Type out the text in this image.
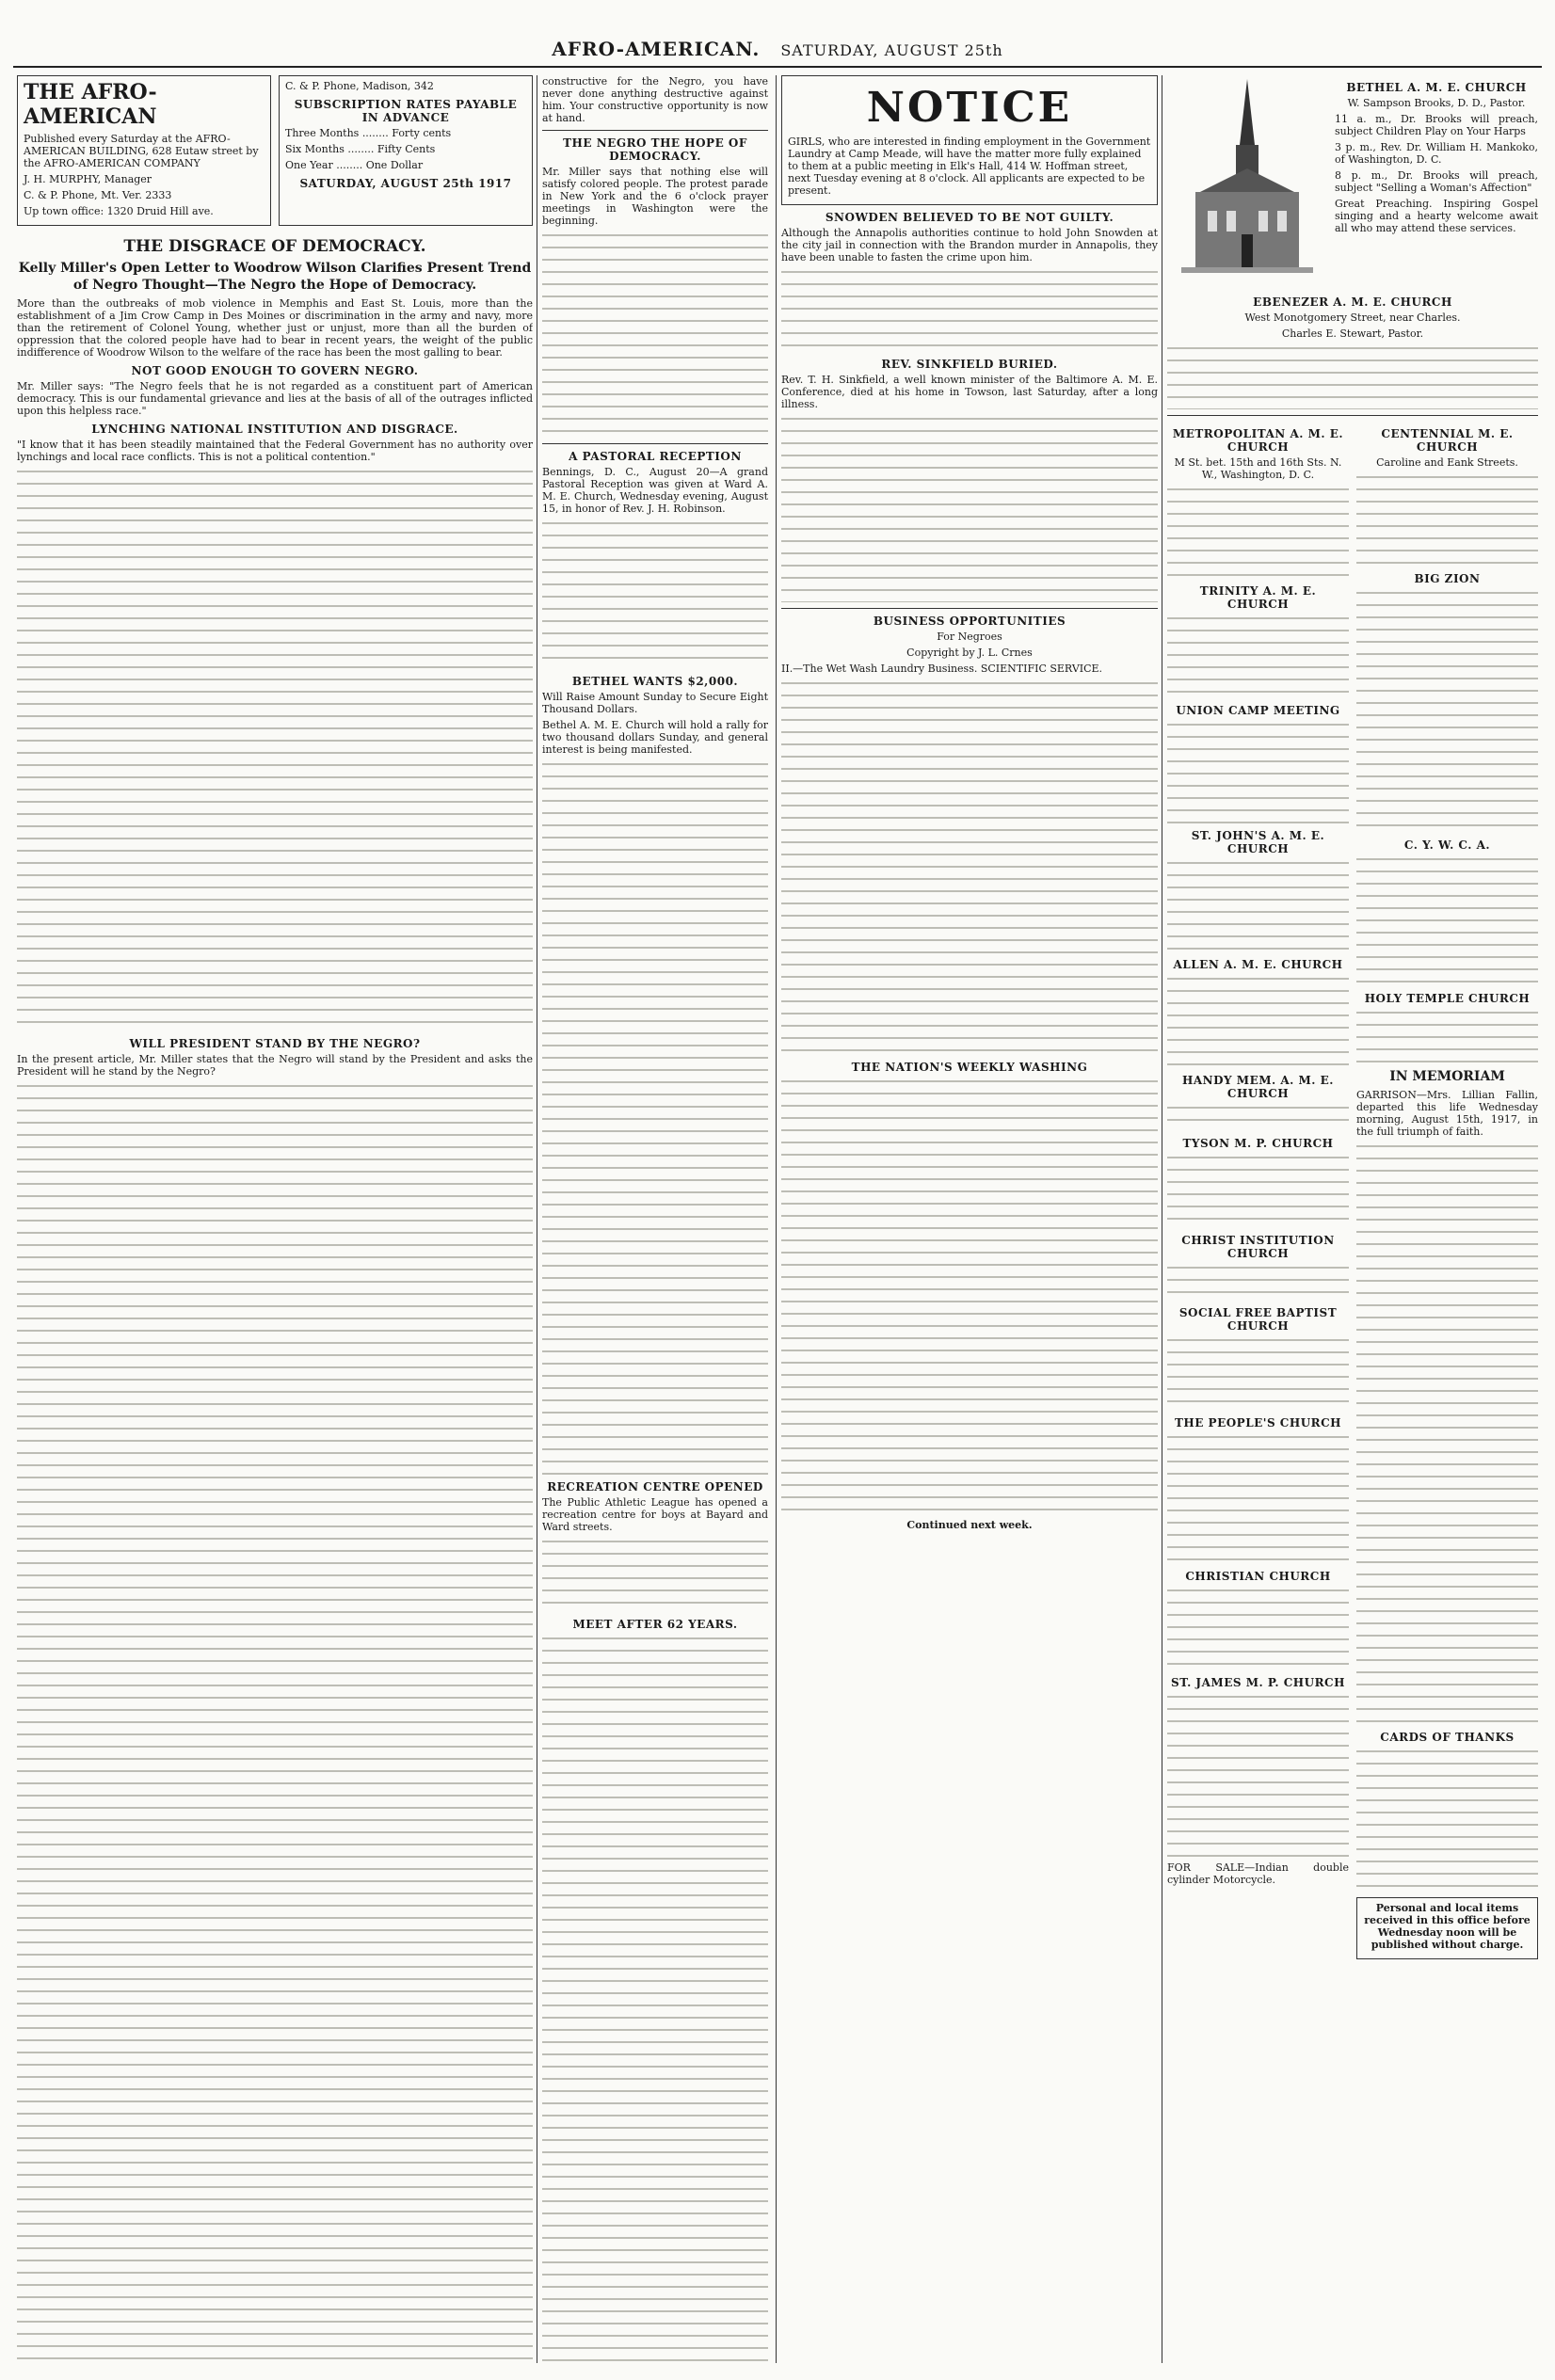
AFRO-AMERICAN. SATURDAY, AUGUST 25th
THE AFRO-AMERICAN

Published every Saturday at the AFRO-AMERICAN BUILDING, 628 Eutaw street by the AFRO-AMERICAN COMPANY

J. H. MURPHY, Manager

C. & P. Phone, Mt. Ver. 2333

Up town office: 1320 Druid Hill ave.

C. & P. Phone, Madison, 342

SUBSCRIPTION RATES PAYABLE IN ADVANCE

Three Months ........ Forty cents

Six Months ........ Fifty Cents

One Year ........ One Dollar

SATURDAY, AUGUST 25th 1917
THE DISGRACE OF DEMOCRACY.
Kelly Miller's Open Letter to Woodrow Wilson Clarifies Present Trend of Negro Thought—The Negro the Hope of Democracy.

More than the outbreaks of mob violence in Memphis and East St. Louis, more than the establishment of a Jim Crow Camp in Des Moines or discrimination in the army and navy, more than the retirement of Colonel Young, whether just or unjust, more than all the burden of oppression that the colored people have had to bear in recent years, the weight of the public indifference of Woodrow Wilson to the welfare of the race has been the most galling to bear.

NOT GOOD ENOUGH TO GOVERN NEGRO.

Mr. Miller says: "The Negro feels that he is not regarded as a constituent part of American democracy. This is our fundamental grievance and lies at the basis of all of the outrages inflicted upon this helpless race."

LYNCHING NATIONAL INSTITUTION AND DISGRACE.

"I know that it has been steadily maintained that the Federal Government has no authority over lynchings and local race conflicts. This is not a political contention."

WILL PRESIDENT STAND BY THE NEGRO?

In the present article, Mr. Miller states that the Negro will stand by the President and asks the President will he stand by the Negro?

constructive for the Negro, you have never done anything destructive against him. Your constructive opportunity is now at hand.

THE NEGRO THE HOPE OF DEMOCRACY.

Mr. Miller says that nothing else will satisfy colored people. The protest parade in New York and the 6 o'clock prayer meetings in Washington were the beginning.

A PASTORAL RECEPTION

Bennings, D. C., August 20—A grand Pastoral Reception was given at Ward A. M. E. Church, Wednesday evening, August 15, in honor of Rev. J. H. Robinson.

BETHEL WANTS $2,000.

Will Raise Amount Sunday to Secure Eight Thousand Dollars.

Bethel A. M. E. Church will hold a rally for two thousand dollars Sunday, and general interest is being manifested.

RECREATION CENTRE OPENED

The Public Athletic League has opened a recreation centre for boys at Bayard and Ward streets.

MEET AFTER 62 YEARS.
NOTICE

GIRLS, who are interested in finding employment in the Government Laundry at Camp Meade, will have the matter more fully explained to them at a public meeting in Elk's Hall, 414 W. Hoffman street, next Tuesday evening at 8 o'clock. All applicants are expected to be present.

SNOWDEN BELIEVED TO BE NOT GUILTY.

Although the Annapolis authorities continue to hold John Snowden at the city jail in connection with the Brandon murder in Annapolis, they have been unable to fasten the crime upon him.

REV. SINKFIELD BURIED.

Rev. T. H. Sinkfield, a well known minister of the Baltimore A. M. E. Conference, died at his home in Towson, last Saturday, after a long illness.

BUSINESS OPPORTUNITIES

For Negroes

Copyright by J. L. Crnes

II.—The Wet Wash Laundry Business. SCIENTIFIC SERVICE.

THE NATION'S WEEKLY WASHING

Continued next week.

BETHEL A. M. E. CHURCH

W. Sampson Brooks, D. D., Pastor.

11 a. m., Dr. Brooks will preach, subject Children Play on Your Harps

3 p. m., Rev. Dr. William H. Mankoko, of Washington, D. C.

8 p. m., Dr. Brooks will preach, subject "Selling a Woman's Affection"

Great Preaching. Inspiring Gospel singing and a hearty welcome await all who may attend these services.

EBENEZER A. M. E. CHURCH

West Monotgomery Street, near Charles.

Charles E. Stewart, Pastor.

METROPOLITAN A. M. E. CHURCH

M St. bet. 15th and 16th Sts. N. W., Washington, D. C.

TRINITY A. M. E. CHURCH
UNION CAMP MEETING
ST. JOHN'S A. M. E. CHURCH
ALLEN A. M. E. CHURCH
HANDY MEM. A. M. E. CHURCH
TYSON M. P. CHURCH
CHRIST INSTITUTION CHURCH
SOCIAL FREE BAPTIST CHURCH
THE PEOPLE'S CHURCH
CHRISTIAN CHURCH
ST. JAMES M. P. CHURCH

FOR SALE—Indian double cylinder Motorcycle.

CENTENNIAL M. E. CHURCH

Caroline and Eank Streets.

BIG ZION
C. Y. W. C. A.
HOLY TEMPLE CHURCH
IN MEMORIAM

GARRISON—Mrs. Lillian Fallin, departed this life Wednesday morning, August 15th, 1917, in the full triumph of faith.

CARDS OF THANKS

Personal and local items received in this office before Wednesday noon will be published without charge.
